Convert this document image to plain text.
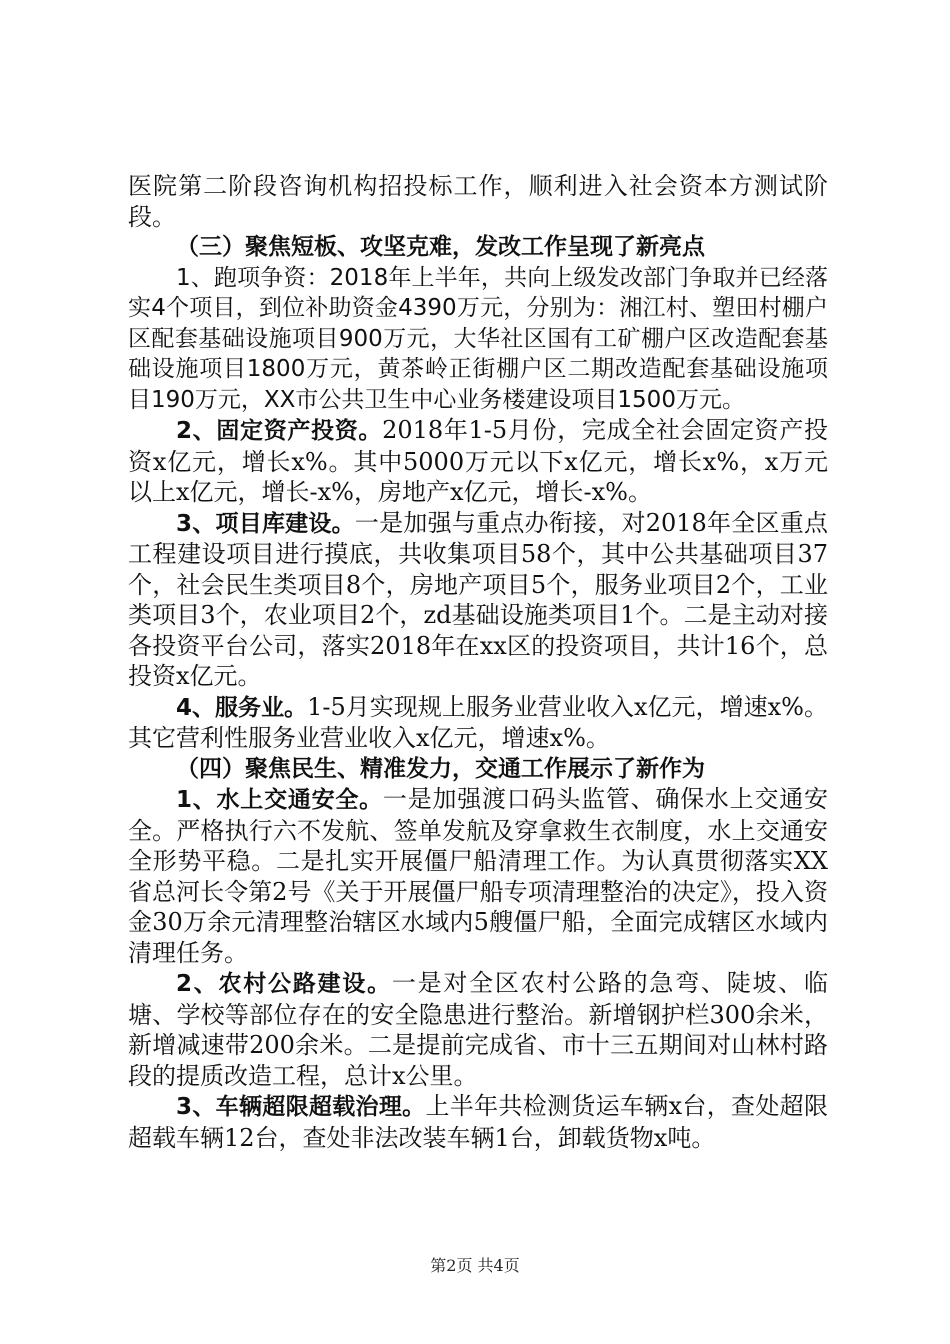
医院第二阶段咨询机构招投标工作，顺利进入社会资本方测试阶段。

（三）聚焦短板、攻坚克难，发改工作呈现了新亮点

1、跑项争资：2018年上半年，共向上级发改部门争取并已经落实4个项目，到位补助资金4390万元，分别为：湘江村、塑田村棚户区配套基础设施项目900万元，大华社区国有工矿棚户区改造配套基础设施项目1800万元，黄茶岭正街棚户区二期改造配套基础设施项目190万元，XX市公共卫生中心业务楼建设项目1500万元。

2、固定资产投资。2018年1-5月份，完成全社会固定资产投资x亿元，增长x%。其中5000万元以下x亿元，增长x%，x万元以上x亿元，增长-x%，房地产x亿元，增长-x%。

3、项目库建设。一是加强与重点办衔接，对2018年全区重点工程建设项目进行摸底，共收集项目58个，其中公共基础项目37个，社会民生类项目8个，房地产项目5个，服务业项目2个，工业类项目3个，农业项目2个，zd基础设施类项目1个。二是主动对接各投资平台公司，落实2018年在xx区的投资项目，共计16个，总投资x亿元。

4、服务业。1-5月实现规上服务业营业收入x亿元，增速x%。其它营利性服务业营业收入x亿元，增速x%。

（四）聚焦民生、精准发力，交通工作展示了新作为

1、水上交通安全。一是加强渡口码头监管、确保水上交通安全。严格执行六不发航、签单发航及穿拿救生衣制度，水上交通安全形势平稳。二是扎实开展僵尸船清理工作。为认真贯彻落实XX省总河长令第2号《关于开展僵尸船专项清理整治的决定》，投入资金30万余元清理整治辖区水域内5艘僵尸船，全面完成辖区水域内清理任务。

2、农村公路建设。一是对全区农村公路的急弯、陡坡、临塘、学校等部位存在的安全隐患进行整治。新增钢护栏300余米，新增减速带200余米。二是提前完成省、市十三五期间对山林村路段的提质改造工程，总计x公里。

3、车辆超限超载治理。上半年共检测货运车辆x台，查处超限超载车辆12台，查处非法改装车辆1台，卸载货物x吨。

第2页 共4页
